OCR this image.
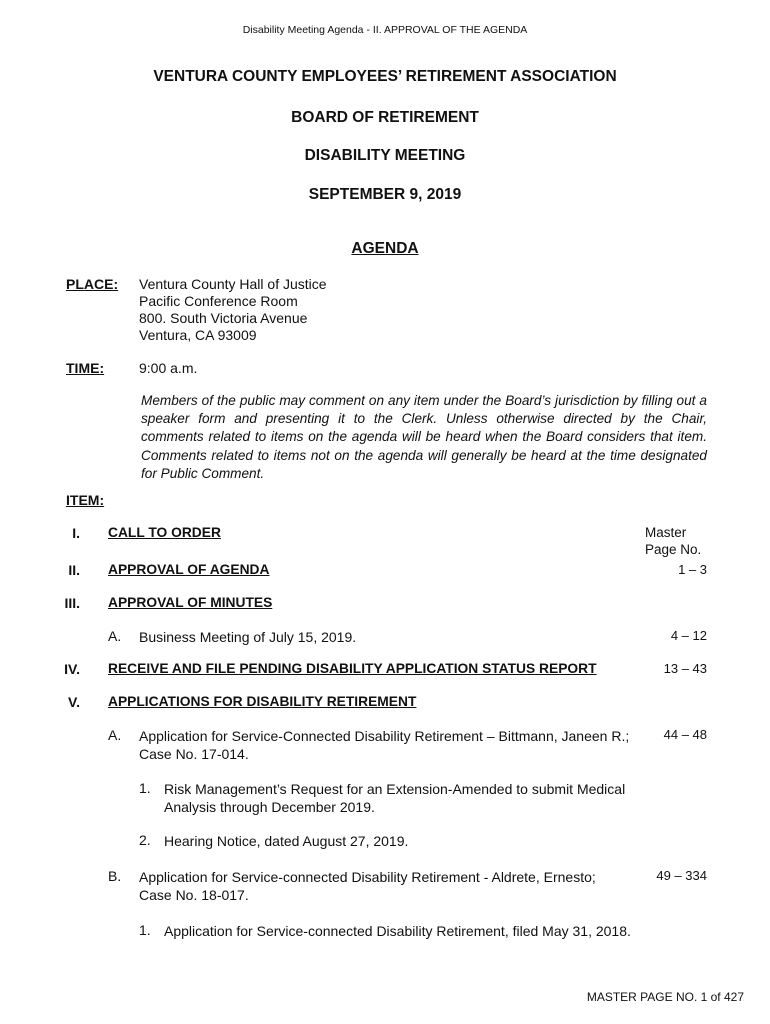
Disability Meeting Agenda - II. APPROVAL OF THE AGENDA
VENTURA COUNTY EMPLOYEES’ RETIREMENT ASSOCIATION
BOARD OF RETIREMENT
DISABILITY MEETING
SEPTEMBER 9, 2019
AGENDA
PLACE: Ventura County Hall of Justice
Pacific Conference Room
800. South Victoria Avenue
Ventura, CA 93009
TIME: 9:00 a.m.
Members of the public may comment on any item under the Board’s jurisdiction by filling out a speaker form and presenting it to the Clerk. Unless otherwise directed by the Chair, comments related to items on the agenda will be heard when the Board considers that item. Comments related to items not on the agenda will generally be heard at the time designated for Public Comment.
ITEM:
Master
Page No.
I. CALL TO ORDER
II. APPROVAL OF AGENDA	1 – 3
III. APPROVAL OF MINUTES
A. Business Meeting of July 15, 2019.	4 – 12
IV. RECEIVE AND FILE PENDING DISABILITY APPLICATION STATUS REPORT	13 – 43
V. APPLICATIONS FOR DISABILITY RETIREMENT
A. Application for Service-Connected Disability Retirement – Bittmann, Janeen R.;
Case No. 17-014.
44 – 48
1. Risk Management’s Request for an Extension-Amended to submit Medical
Analysis through December 2019.
2. Hearing Notice, dated August 27, 2019.
B. Application for Service-connected Disability Retirement - Aldrete, Ernesto;
Case No. 18-017.
49 – 334
1. Application for Service-connected Disability Retirement, filed May 31, 2018.
MASTER PAGE NO. 1 of 427
